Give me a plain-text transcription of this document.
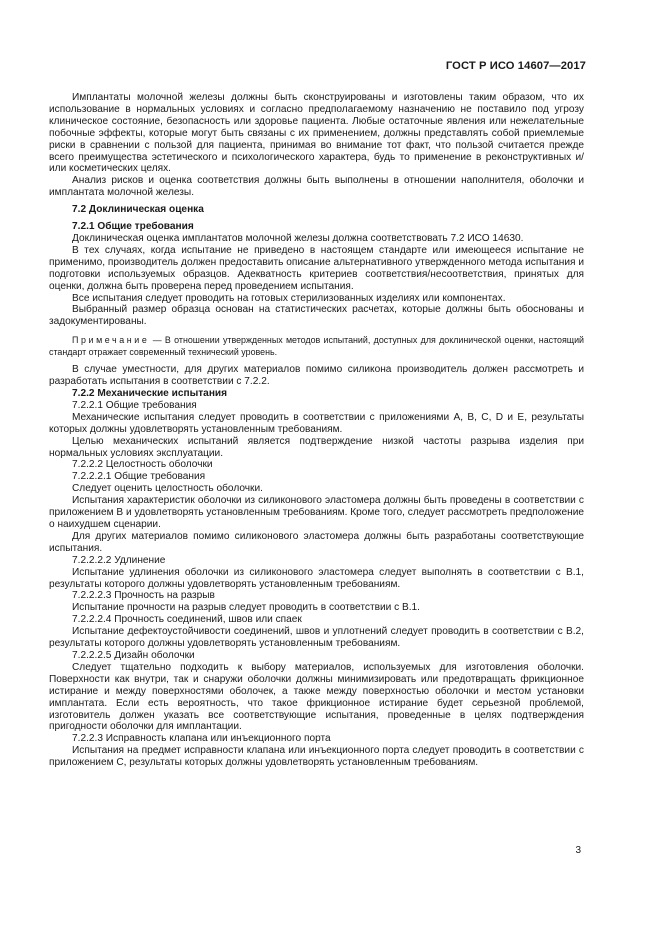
ГОСТ Р ИСО 14607—2017

Имплантаты молочной железы должны быть сконструированы и изготовлены таким образом, что их использование в нормальных условиях и согласно предполагаемому назначению не поставило под угрозу клиническое состояние, безопасность или здоровье пациента. Любые остаточные явления или нежелательные побочные эффекты, которые могут быть связаны с их применением, должны представлять собой приемлемые риски в сравнении с пользой для пациента, принимая во внимание тот факт, что пользой считается прежде всего преимущества эстетического и психологического характера, будь то применение в реконструктивных и/или косметических целях.

Анализ рисков и оценка соответствия должны быть выполнены в отношении наполнителя, оболочки и имплантата молочной железы.

7.2 Доклиническая оценка

7.2.1 Общие требования

Доклиническая оценка имплантатов молочной железы должна соответствовать 7.2 ИСО 14630.

В тех случаях, когда испытание не приведено в настоящем стандарте или имеющееся испытание не применимо, производитель должен предоставить описание альтернативного утвержденного метода испытания и подготовки используемых образцов. Адекватность критериев соответствия/несоответствия, принятых для оценки, должна быть проверена перед проведением испытания.

Все испытания следует проводить на готовых стерилизованных изделиях или компонентах.

Выбранный размер образца основан на статистических расчетах, которые должны быть обоснованы и задокументированы.

Примечание — В отношении утвержденных методов испытаний, доступных для доклинической оценки, настоящий стандарт отражает современный технический уровень.

В случае уместности, для других материалов помимо силикона производитель должен рассмотреть и разработать испытания в соответствии с 7.2.2.

7.2.2 Механические испытания

7.2.2.1 Общие требования

Механические испытания следует проводить в соответствии с приложениями А, В, С, D и Е, результаты которых должны удовлетворять установленным требованиям.

Целью механических испытаний является подтверждение низкой частоты разрыва изделия при нормальных условиях эксплуатации.

7.2.2.2 Целостность оболочки

7.2.2.2.1 Общие требования

Следует оценить целостность оболочки.

Испытания характеристик оболочки из силиконового эластомера должны быть проведены в соответствии с приложением В и удовлетворять установленным требованиям. Кроме того, следует рассмотреть предположение о наихудшем сценарии.

Для других материалов помимо силиконового эластомера должны быть разработаны соответствующие испытания.

7.2.2.2.2 Удлинение

Испытание удлинения оболочки из силиконового эластомера следует выполнять в соответствии с В.1, результаты которого должны удовлетворять установленным требованиям.

7.2.2.2.3 Прочность на разрыв

Испытание прочности на разрыв следует проводить в соответствии с В.1.

7.2.2.2.4 Прочность соединений, швов или спаек

Испытание дефектоустойчивости соединений, швов и уплотнений следует проводить в соответствии с В.2, результаты которого должны удовлетворять установленным требованиям.

7.2.2.2.5 Дизайн оболочки

Следует тщательно подходить к выбору материалов, используемых для изготовления оболочки. Поверхности как внутри, так и снаружи оболочки должны минимизировать или предотвращать фрикционное истирание и между поверхностями оболочек, а также между поверхностью оболочки и местом установки имплантата. Если есть вероятность, что такое фрикционное истирание будет серьезной проблемой, изготовитель должен указать все соответствующие испытания, проведенные в целях подтверждения пригодности оболочки для имплантации.

7.2.2.3 Исправность клапана или инъекционного порта

Испытания на предмет исправности клапана или инъекционного порта следует проводить в соответствии с приложением С, результаты которых должны удовлетворять установленным требованиям.

3
